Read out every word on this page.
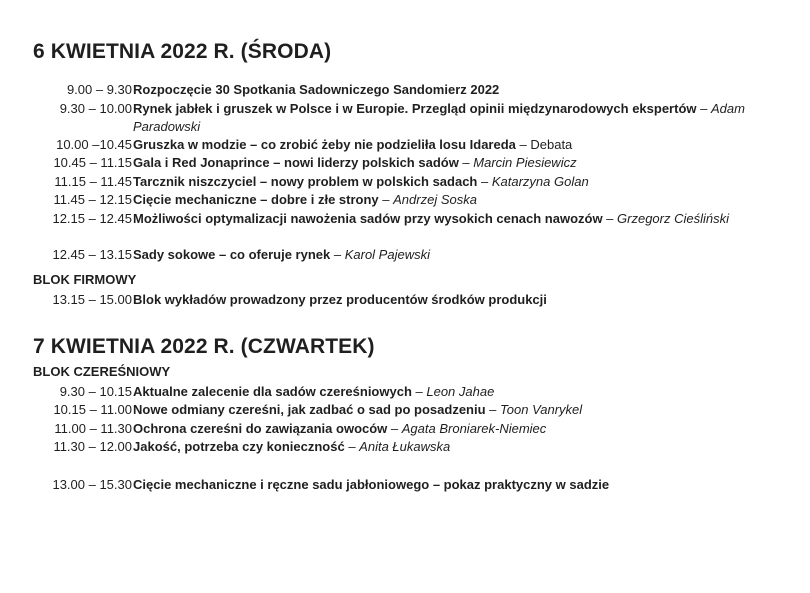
6 KWIETNIA 2022 R. (ŚRODA)
9.00 – 9.30 Rozpoczęcie 30 Spotkania Sadowniczego Sandomierz 2022
9.30 – 10.00 Rynek jabłek i gruszek w Polsce i w Europie. Przegląd opinii międzynarodowych ekspertów – Adam Paradowski
10.00 –10.45 Gruszka w modzie – co zrobić żeby nie podzieliła losu Idareda – Debata
10.45 – 11.15 Gala i Red Jonaprince – nowi liderzy polskich sadów – Marcin Piesiewicz
11.15 – 11.45 Tarcznik niszczyciel – nowy problem w polskich sadach – Katarzyna Golan
11.45 – 12.15 Cięcie mechaniczne – dobre i złe strony – Andrzej Soska
12.15 – 12.45 Możliwości optymalizacji nawożenia sadów przy wysokich cenach nawozów – Grzegorz Cieśliński
12.45 – 13.15 Sady sokowe – co oferuje rynek – Karol Pajewski
BLOK FIRMOWY
13.15 – 15.00 Blok wykładów prowadzony przez producentów środków produkcji
7 KWIETNIA 2022 R. (CZWARTEK)
BLOK CZEREŚNIOWY
9.30 – 10.15 Aktualne zalecenie dla sadów czereśniowych – Leon Jahae
10.15 – 11.00 Nowe odmiany czereśni, jak zadbać o sad po posadzeniu – Toon Vanrykel
11.00 – 11.30 Ochrona czereśni do zawiązania owoców – Agata Broniarek-Niemiec
11.30 – 12.00 Jakość, potrzeba czy konieczność – Anita Łukawska
13.00 – 15.30 Cięcie mechaniczne i ręczne sadu jabłoniowego – pokaz praktyczny w sadzie
